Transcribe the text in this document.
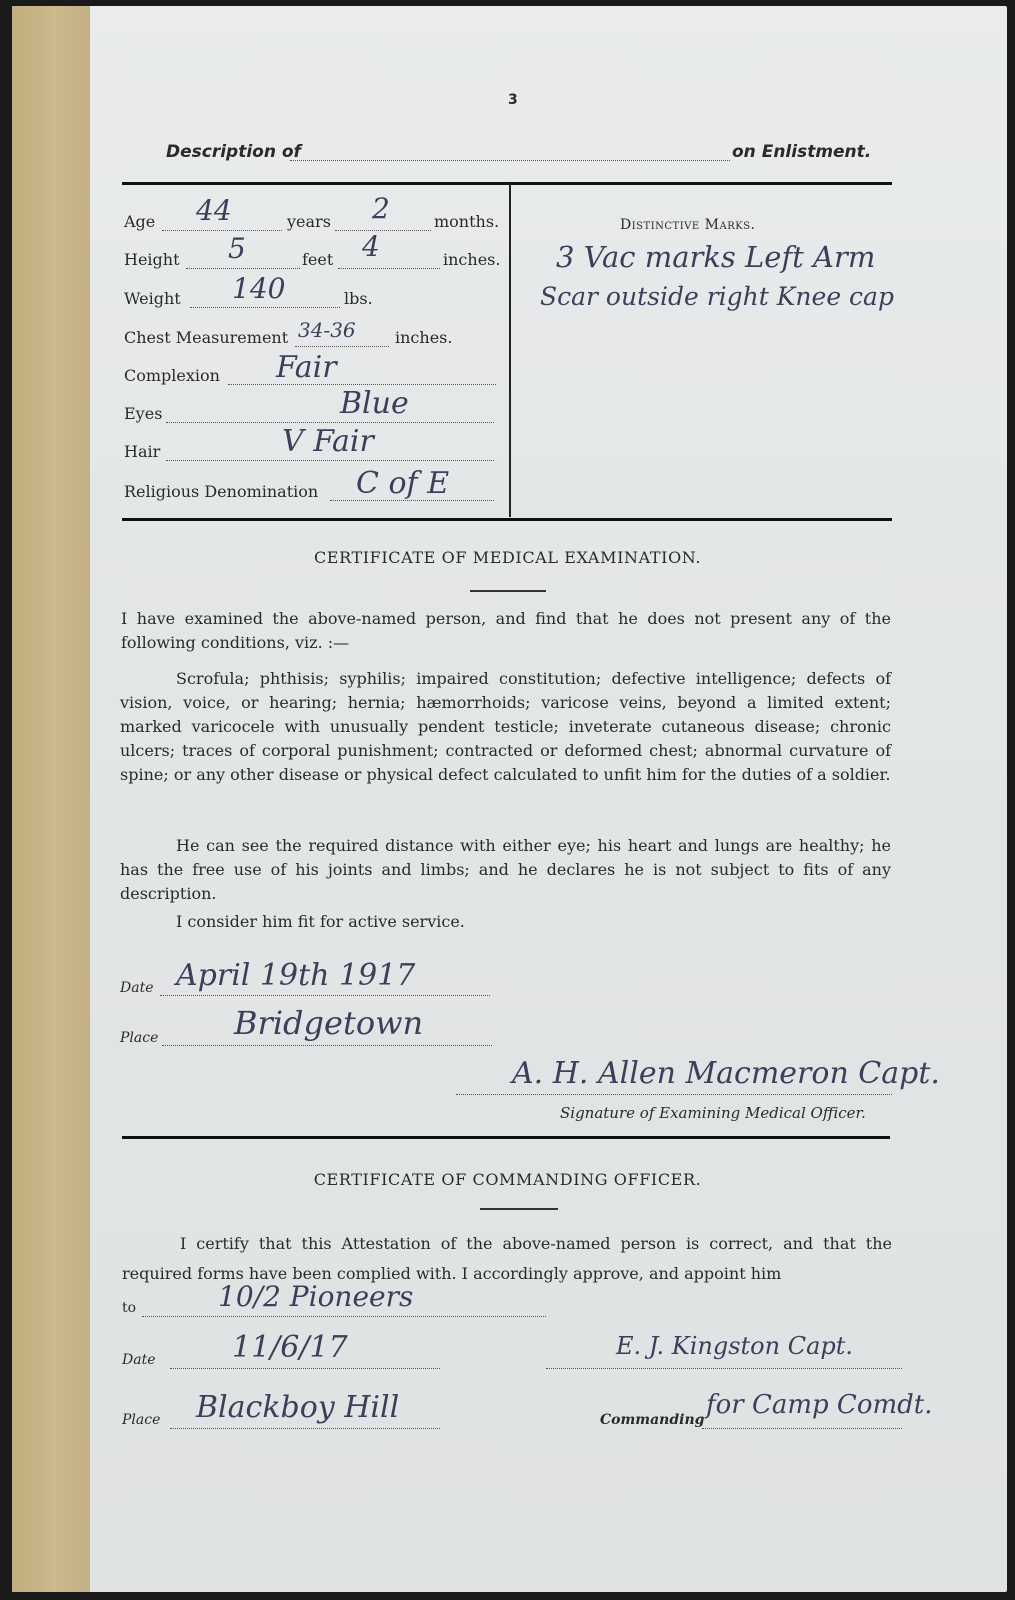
3
Description of	on Enlistment.
Age 44	years 2	months.
Height 5	feet 4	inches.
Weight 140	lbs.
Chest Measurement 34-36 inches.
Complexion Fair
Eyes	Blue
Hair	V Fair
Religious Denomination C of E
Distinctive Marks.
3 Vac marks Left Arm
Scar outside right Knee cap
CERTIFICATE OF MEDICAL EXAMINATION.
I have examined the above-named person, and find that he does not present any of the following conditions, viz. :—
Scrofula; phthisis; syphilis; impaired constitution; defective intelligence; defects of vision, voice, or hearing; hernia; hæmorrhoids; varicose veins, beyond a limited extent; marked varicocele with unusually pendent testicle; inveterate cutaneous disease; chronic ulcers; traces of corporal punishment; contracted or deformed chest; abnormal curvature of spine; or any other disease or physical defect calculated to unfit him for the duties of a soldier.
He can see the required distance with either eye; his heart and lungs are healthy; he has the free use of his joints and limbs; and he declares he is not subject to fits of any description.
I consider him fit for active service.
Date April 19th 1917
Place Bridgetown
A. H. Allen Macmeron Capt.
Signature of Examining Medical Officer.
CERTIFICATE OF COMMANDING OFFICER.
I certify that this Attestation of the above-named person is correct, and that the required forms have been complied with. I accordingly approve, and appoint him
to	10/2 Pioneers
Date	11/6/17
Place Blackboy Hill
E. J. Kingston Capt.
Commanding for Camp Comdt.
